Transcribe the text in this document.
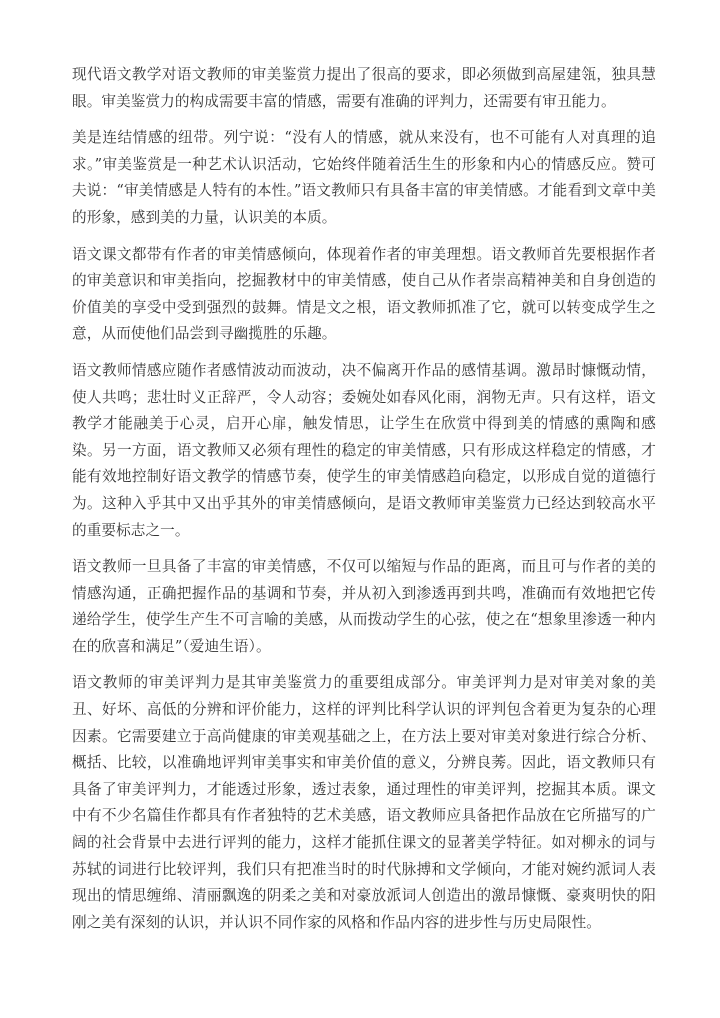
现代语文教学对语文教师的审美鉴赏力提出了很高的要求，即必须做到高屋建瓴，独具慧眼。审美鉴赏力的构成需要丰富的情感，需要有准确的评判力，还需要有审丑能力。

美是连结情感的纽带。列宁说：“没有人的情感，就从来没有，也不可能有人对真理的追求。”审美鉴赏是一种艺术认识活动，它始终伴随着活生生的形象和内心的情感反应。赞可夫说：“审美情感是人特有的本性。”语文教师只有具备丰富的审美情感。才能看到文章中美的形象，感到美的力量，认识美的本质。

语文课文都带有作者的审美情感倾向，体现着作者的审美理想。语文教师首先要根据作者的审美意识和审美指向，挖掘教材中的审美情感，使自己从作者崇高精神美和自身创造的价值美的享受中受到强烈的鼓舞。情是文之根，语文教师抓准了它，就可以转变成学生之意，从而使他们品尝到寻幽揽胜的乐趣。

语文教师情感应随作者感情波动而波动，决不偏离开作品的感情基调。激昂时慷慨动情，使人共鸣；悲壮时义正辞严，令人动容；委婉处如春风化雨，润物无声。只有这样，语文教学才能融美于心灵，启开心扉，触发情思，让学生在欣赏中得到美的情感的熏陶和感染。另一方面，语文教师又必须有理性的稳定的审美情感，只有形成这样稳定的情感，才能有效地控制好语文教学的情感节奏，使学生的审美情感趋向稳定，以形成自觉的道德行为。这种入乎其中又出乎其外的审美情感倾向，是语文教师审美鉴赏力已经达到较高水平的重要标志之一。

语文教师一旦具备了丰富的审美情感，不仅可以缩短与作品的距离，而且可与作者的美的情感沟通，正确把握作品的基调和节奏，并从初入到渗透再到共鸣，准确而有效地把它传递给学生，使学生产生不可言喻的美感，从而拨动学生的心弦，使之在“想象里渗透一种内在的欣喜和满足”（爱迪生语）。

语文教师的审美评判力是其审美鉴赏力的重要组成部分。审美评判力是对审美对象的美丑、好坏、高低的分辨和评价能力，这样的评判比科学认识的评判包含着更为复杂的心理因素。它需要建立于高尚健康的审美观基础之上，在方法上要对审美对象进行综合分析、概括、比较，以准确地评判审美事实和审美价值的意义，分辨良莠。因此，语文教师只有具备了审美评判力，才能透过形象，透过表象，通过理性的审美评判，挖掘其本质。课文中有不少名篇佳作都具有作者独特的艺术美感，语文教师应具备把作品放在它所描写的广阔的社会背景中去进行评判的能力，这样才能抓住课文的显著美学特征。如对柳永的词与苏轼的词进行比较评判，我们只有把准当时的时代脉搏和文学倾向，才能对婉约派词人表现出的情思缠绵、清丽飘逸的阴柔之美和对豪放派词人创造出的激昂慷慨、豪爽明快的阳刚之美有深刻的认识，并认识不同作家的风格和作品内容的进步性与历史局限性。
